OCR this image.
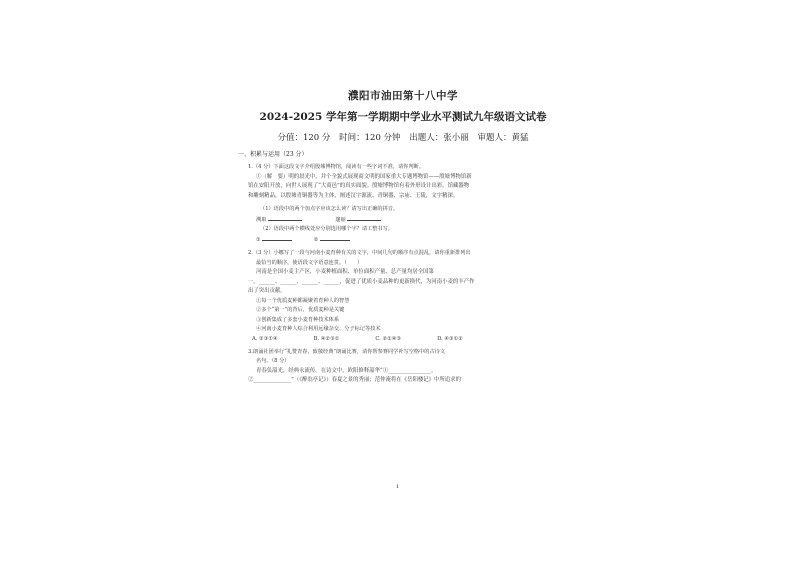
濮阳市油田第十八中学
2024-2025 学年第一学期期中学业水平测试九年级语文试卷
分值：120 分 时间：120 分钟 出题人：张小丽 审题人：黄猛
一、积累与运用（23 分）

1.（4 分）下面这段文字介绍殷墟博物馆，阅读有一些字词不准，请你判断。

①（解　要）明的晨光中，并个全貌式展现商文明的国家重大专题博物馆——殷墟博物馆新

馆在安阳开放，向世人展现了“大商邑”的真实面貌。殷墟博物馆有着外形设计出彩，馆藏器物

和雕刻精品，以殷墟青铜器等为主体，阐述汉字源流、青铜器、宗庙、王陵，文字精深。

（1）语段中的两个加点字应该怎么读？请写出正确的拼音。

溯取	邃丽

（2）语段中两个横线处应分别选用哪个字？请工整书写。

①	②

2.（3 分）小娜写了一段与河南小麦育种有关的文字，中间几句的顺序有点混乱，请你重新排列出

最恰当的顺序，使语段文字语意连贯。（　　）

河南是全国小麦主产区，小麦种植面积、单位面积产量、总产量均居全国第

一。______、______、______、______，促进了优质小麦品种的更新换代，为河南小麦的丰产作

出了突出贡献。

①每一个优质麦种都凝聚着育种人的智慧

②多个“第一”的背后，优质麦种是关键

③创新集成了多套小麦育种技术体系

④河南小麦育种人综合利用远缘杂交、分子标记等技术

A. ②③①④	B. ④②③①	C. ②①④③	D. ④③①②

3.朗诵社团举行“礼赞青春，致敬经典”朗诵比赛，请你帮参赛同学补写空格中的古诗文

名句。（8 分）

青春负韶光，经典永流传。在诗文中，欧阳修释韶华“①________________。

②______________”（《醉翁亭记》）春夏之景的秀丽；范仲淹将在《岳阳楼记》中所追求的

1
